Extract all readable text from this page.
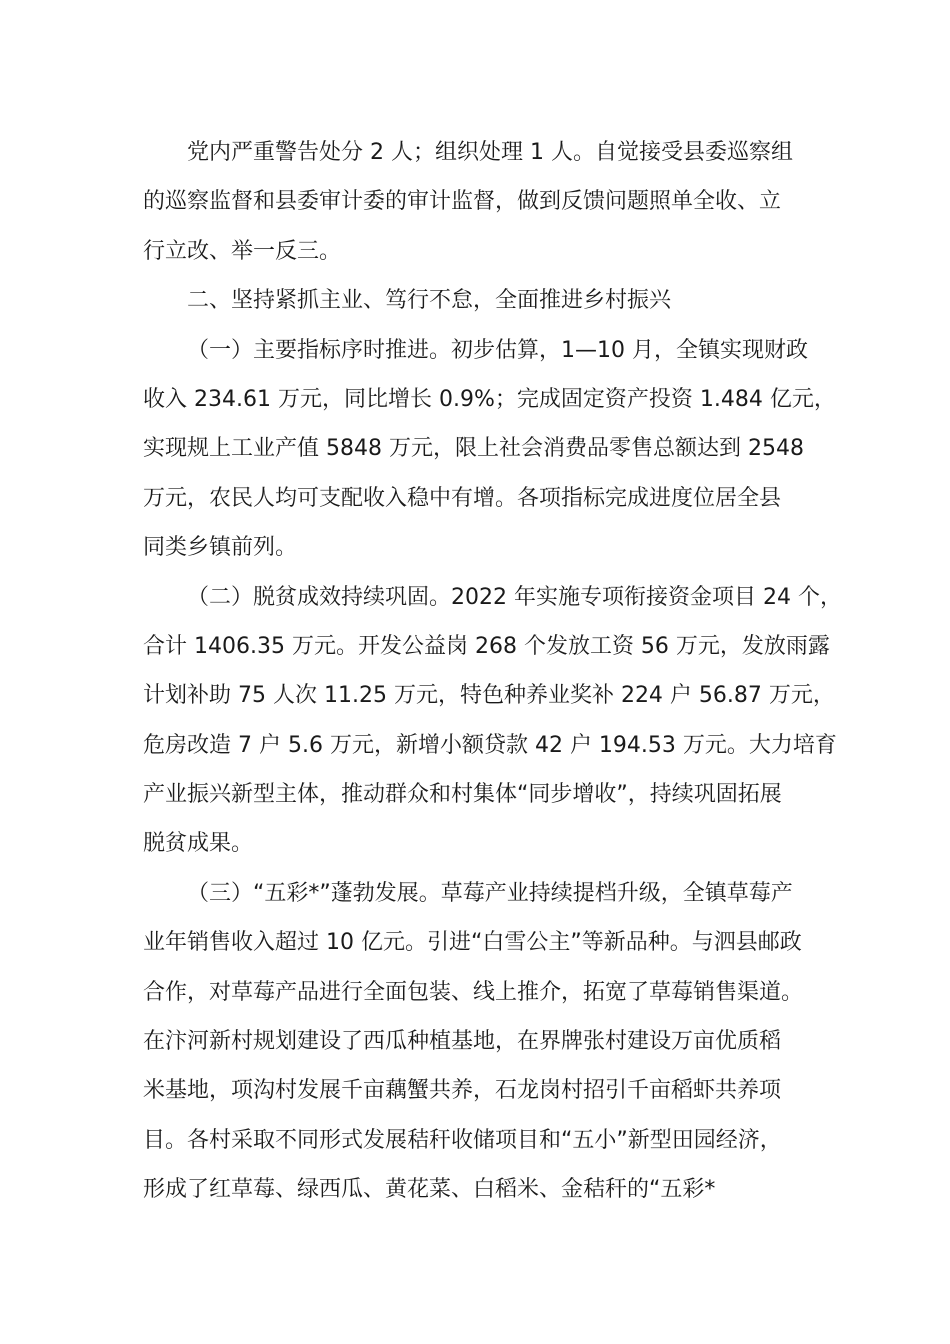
党内严重警告处分 2 人；组织处理 1 人。自觉接受县委巡察组
的巡察监督和县委审计委的审计监督，做到反馈问题照单全收、立
行立改、举一反三。
二、坚持紧抓主业、笃行不怠，全面推进乡村振兴
（一）主要指标序时推进。初步估算，1—10 月，全镇实现财政
收入 234.61 万元，同比增长 0.9%；完成固定资产投资 1.484 亿元，
实现规上工业产值 5848 万元，限上社会消费品零售总额达到 2548
万元，农民人均可支配收入稳中有增。各项指标完成进度位居全县
同类乡镇前列。
（二）脱贫成效持续巩固。2022 年实施专项衔接资金项目 24 个，
合计 1406.35 万元。开发公益岗 268 个发放工资 56 万元，发放雨露
计划补助 75 人次 11.25 万元，特色种养业奖补 224 户 56.87 万元，
危房改造 7 户 5.6 万元，新增小额贷款 42 户 194.53 万元。大力培育
产业振兴新型主体，推动群众和村集体“同步增收”，持续巩固拓展
脱贫成果。
（三）“五彩*”蓬勃发展。草莓产业持续提档升级，全镇草莓产
业年销售收入超过 10 亿元。引进“白雪公主”等新品种。与泗县邮政
合作，对草莓产品进行全面包装、线上推介，拓宽了草莓销售渠道。
在汴河新村规划建设了西瓜种植基地，在界牌张村建设万亩优质稻
米基地，项沟村发展千亩藕蟹共养，石龙岗村招引千亩稻虾共养项
目。各村采取不同形式发展秸秆收储项目和“五小”新型田园经济，
形成了红草莓、绿西瓜、黄花菜、白稻米、金秸秆的“五彩*
